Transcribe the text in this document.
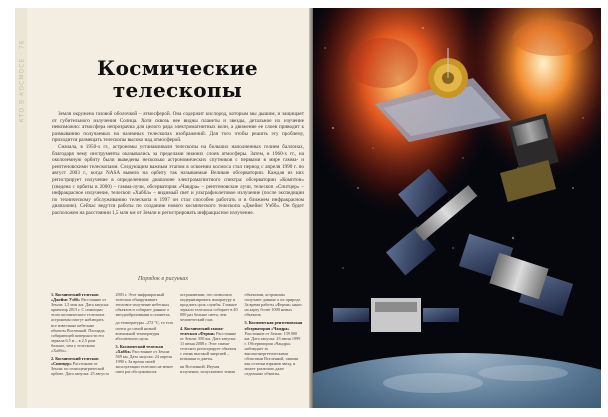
КТО В КОСМОСЕ · 76	Космические телескопы

Земля окружена газовой оболочкой – атмосферой. Она содержит кислород, которым мы дышим, и защищает от губительного излучения Солнца. Хотя сквозь нее видны планеты и звезды, детальное их изучение невозможно: атмосфера непрозрачна для целого ряда электромагнитных волн, а движение ее слоев приводит к размыванию получаемых на наземных телескопах изображений. Для того чтобы решить эту проблему, приходится размещать телескопы высоко над атмосферой.

Сначала, в 1950-х гг., астрономы устанавливали телескопы на больших наполненных гелием баллонах, благодаря чему инструменты оказывались за пределами нижних слоев атмосферы. Затем, в 1960-х гг., на околоземную орбиту были выведены несколько астрономических спутников с первыми в мире гамма- и рентгеновскими телескопами. Следующим важным этапом в освоении космоса стал период с апреля 1990 г. по август 2003 г., когда NASA вывело на орбиту так называемые Великие обсерватории. Каждая из них регистрирует излучение в определенном диапазоне электромагнитного спектра: обсерватории «Комптон» (сведена с орбиты в 2000) – гамма-лучи, обсерватория «Чандра» – рентгеновские лучи, телескоп «Спитцер» – инфракрасное излучение, телескоп «Хаббл» – видимый свет и ультрафиолетовое излучение (после экспедиции по техническому обслуживанию телескопа в 1997 он стал способен работать и в ближнем инфракрасном диапазоне). Сейчас ведутся работы по созданию нового космического телескопа «Джеймс Уэбб». Он будет расположен на расстоянии 1,5 млн км от Земли и регистрировать инфракрасное излучение.

Порядок в рисунках
1. Космический телескоп «Джеймс Уэбб» Расстояние от Земли: 1,5 млн км. Дата запуска: ориентир 2013 г. С помощью этого космического телескопа астрономы смогут наблюдать все известные небесные объекты Вселенной. Площадь собирающей поверхности его зеркала 6,5 м – в 2,5 раза больше, чем у телескопа «Хаббл».
2. Космический телескоп «Спитцер» Расстояние от Земли: по гелиоцентрической орбите. Дата запуска: 25 августа 2003 г. Этот инфракрасный телескоп обнаруживает тепловое излучение небесных объектов и собирает данные о звездообразовании и планетах.
до температуры –272 °C, то есть почти до самой низкой возможной температуры абсолютного нуля.
3. Космический телескоп «Хаббл» Расстояние от Земли: 569 км. Дата запуска: 24 апреля 1990 г. За время своей эксплуатации телескоп не менее пяти раз обслуживался астронавтами, что позволило модернизировать аппаратуру и продлить срок службы. Главное зеркало телескопа собирает в 40 000 раз больше света, чем человеческий глаз.
4. Космический гамма-телескоп «Ферми» Расстояние от Земли: 550 км. Дата запуска: 11 июня 2008 г. Этот гамма-телескоп регистрирует объекты с очень высокой энергией – вспышки и джеты.
ки Вселенной. Изучая излучение, испускаемое этими объектами, астрономы получают данные о их природе. За время работы «Ферми» нанес на карту более 1000 новых объектов.
5. Космическая рентгеновская обсерватория «Чандра» Расстояние от Земли: 139 000 км. Дата запуска: 23 июля 1999 г. Обсерватория «Чандра» наблюдает за высокоэнергетическими областями Вселенной, такими как остатки взрывов звезд, и может различать даже отдельные объекты.
